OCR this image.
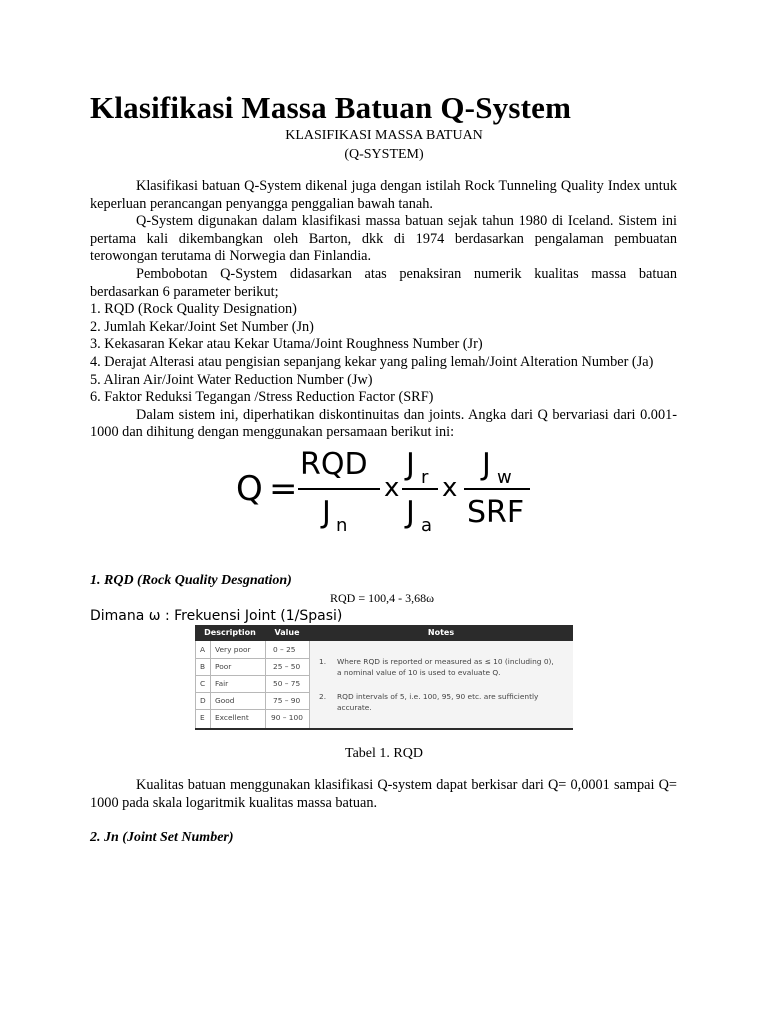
Klasifikasi Massa Batuan Q-System
KLASIFIKASI MASSA BATUAN
(Q-SYSTEM)

Klasifikasi batuan Q-System dikenal juga dengan istilah Rock Tunneling Quality Index untuk keperluan perancangan penyangga penggalian bawah tanah.

Q-System digunakan dalam klasifikasi massa batuan sejak tahun 1980 di Iceland. Sistem ini pertama kali dikembangkan oleh Barton, dkk di 1974 berdasarkan pengalaman pembuatan terowongan terutama di Norwegia dan Finlandia.

Pembobotan Q-System didasarkan atas penaksiran numerik kualitas massa batuan berdasarkan 6 parameter berikut;

1. RQD (Rock Quality Designation)
2. Jumlah Kekar/Joint Set Number (Jn)
3. Kekasaran Kekar atau Kekar Utama/Joint Roughness Number (Jr)
4. Derajat Alterasi atau pengisian sepanjang kekar yang paling lemah/Joint Alteration Number (Ja)
5. Aliran Air/Joint Water Reduction Number (Jw)
6. Faktor Reduksi Tegangan /Stress Reduction Factor (SRF)

Dalam sistem ini, diperhatikan diskontinuitas dan joints. Angka dari Q bervariasi dari 0.001-1000 dan dihitung dengan menggunakan persamaan berikut ini:

Q =
RQD
J n
x
J r
J a
x
J w
SRF
1. RQD (Rock Quality Desgnation)
RQD = 100,4 - 3,68ω
Dimana ω : Frekuensi Joint (1/Spasi)
Description	Value	Notes
A Very poor	0 – 25
B Poor	25 – 50
C Fair	50 – 75
D Good	75 – 90
E Excellent	90 – 100
1. Where RQD is reported or measured as ≤ 10 (including 0),
a nominal value of 10 is used to evaluate Q.
2. RQD intervals of 5, i.e. 100, 95, 90 etc. are sufficiently
accurate.
Tabel 1. RQD

Kualitas batuan menggunakan klasifikasi Q-system dapat berkisar dari Q= 0,0001 sampai Q= 1000 pada skala logaritmik kualitas massa batuan.

2. Jn (Joint Set Number)
